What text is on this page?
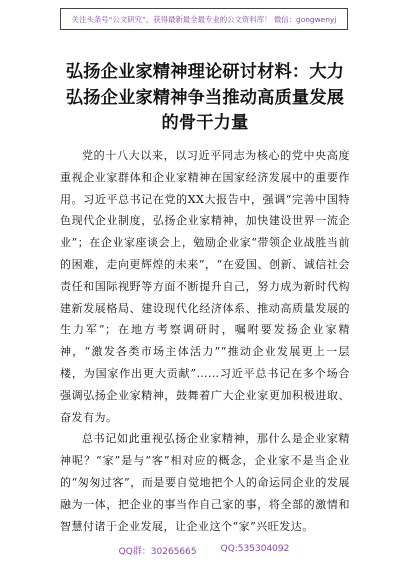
关注头条号“公文研究”，获得最新最全最专业的公文资料库！ 微信：gongwenyj
弘扬企业家精神理论研讨材料：大力弘扬企业家精神争当推动高质量发展的骨干力量

党的十八大以来，以习近平同志为核心的党中央高度重视企业家群体和企业家精神在国家经济发展中的重要作用。习近平总书记在党的XX大报告中，强调“完善中国特色现代企业制度，弘扬企业家精神，加快建设世界一流企业”；在企业家座谈会上，勉励企业家“带领企业战胜当前的困难，走向更辉煌的未来”，“在爱国、创新、诚信社会责任和国际视野等方面不断提升自己，努力成为新时代构建新发展格局、建设现代化经济体系、推动高质量发展的生力军”；在地方考察调研时，嘱咐要发扬企业家精神，“激发各类市场主体活力”“推动企业发展更上一层楼，为国家作出更大贡献”……习近平总书记在多个场合强调弘扬企业家精神，鼓舞着广大企业家更加积极进取、奋发有为。

总书记如此重视弘扬企业家精神，那什么是企业家精神呢？“家”是与“客”相对应的概念，企业家不是当企业的“匆匆过客”，而是要自觉地把个人的命运同企业的发展融为一体，把企业的事当作自己家的事，将全部的激情和智慧付诸于企业发展，让企业这个“家”兴旺发达。

QQ群：30265665	QQ:535304092
